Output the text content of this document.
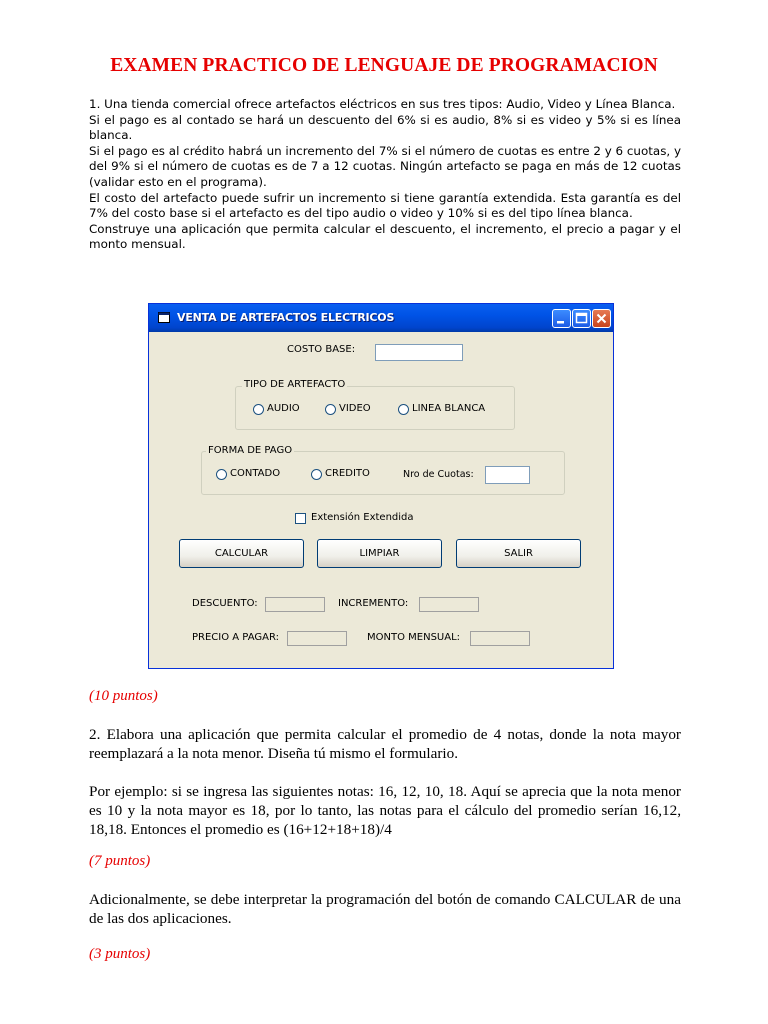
EXAMEN PRACTICO DE LENGUAJE DE PROGRAMACION

1. Una tienda comercial ofrece artefactos eléctricos en sus tres tipos: Audio, Video y Línea Blanca.

Si el pago es al contado se hará un descuento del 6% si es audio, 8% si es video y 5% si es línea blanca.

Si el pago es al crédito habrá un incremento del 7% si el número de cuotas es entre 2 y 6 cuotas, y del 9% si el número de cuotas es de 7 a 12 cuotas. Ningún artefacto se paga en más de 12 cuotas (validar esto en el programa).

El costo del artefacto puede sufrir un incremento si tiene garantía extendida. Esta garantía es del 7% del costo base si el artefacto es del tipo audio o video y 10% si es del tipo línea blanca.

Construye una aplicación que permita calcular el descuento, el incremento, el precio a pagar y el monto mensual.

VENTA DE ARTEFACTOS ELECTRICOS
COSTO BASE:
TIPO DE ARTEFACTO
AUDIO	VIDEO	LINEA BLANCA
FORMA DE PAGO
CONTADO	CREDITO	Nro de Cuotas:
Extensión Extendida
CALCULAR	LIMPIAR	SALIR
DESCUENTO:	INCREMENTO:
PRECIO A PAGAR:	MONTO MENSUAL:
(10 puntos)

2. Elabora una aplicación que permita calcular el promedio de 4 notas, donde la nota mayor reemplazará a la nota menor. Diseña tú mismo el formulario.

Por ejemplo: si se ingresa las siguientes notas: 16, 12, 10, 18. Aquí se aprecia que la nota menor es 10 y la nota mayor es 18, por lo tanto, las notas para el cálculo del promedio serían 16,12, 18,18. Entonces el promedio es (16+12+18+18)/4

(7 puntos)

Adicionalmente, se debe interpretar la programación del botón de comando CALCULAR de una de las dos aplicaciones.

(3 puntos)
